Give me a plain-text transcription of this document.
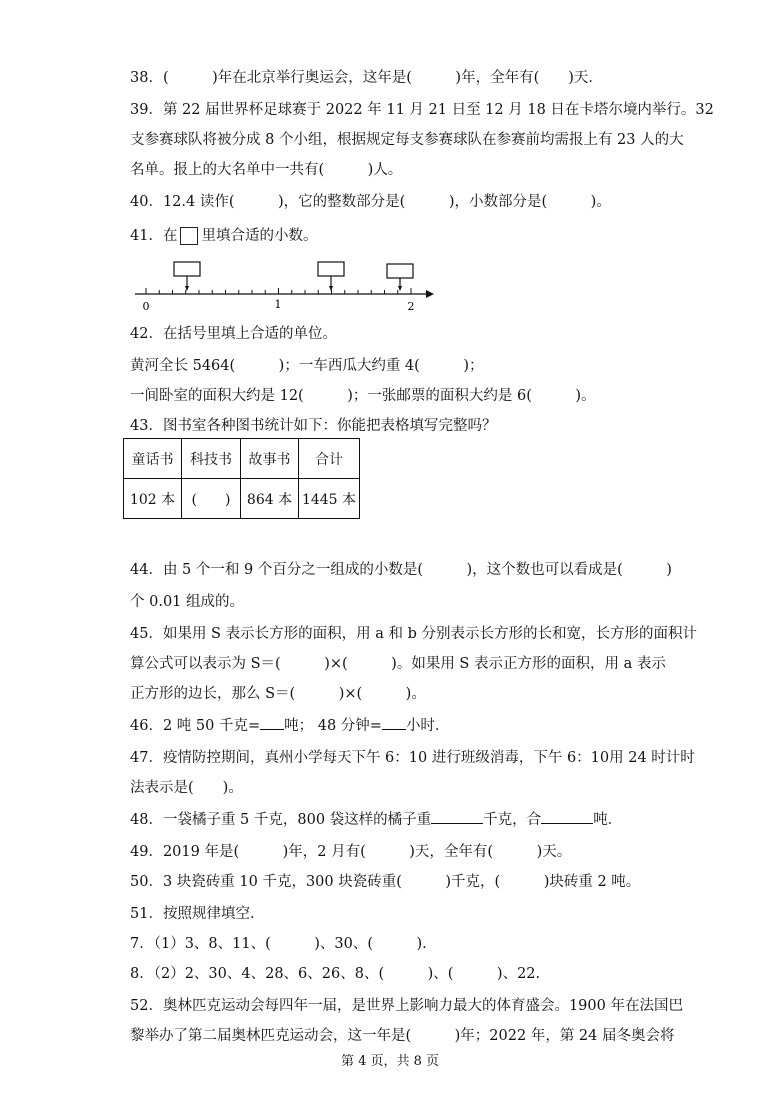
38．(　　　)年在北京举行奥运会，这年是(　　　)年，全年有(　　)天．
39．第 22 届世界杯足球赛于 2022 年 11 月 21 日至 12 月 18 日在卡塔尔境内举行。32
支参赛球队将被分成 8 个小组，根据规定每支参赛球队在参赛前均需报上有 23 人的大
名单。报上的大名单中一共有(　　　)人。
40．12.4 读作(　　　)，它的整数部分是(　　　)，小数部分是(　　　)。
41．在 里填合适的小数。
0	1	2
42．在括号里填上合适的单位。
黄河全长 5464(　　　)；一车西瓜大约重 4(　　　)；
一间卧室的面积大约是 12(　　　)；一张邮票的面积大约是 6(　　　)。
43．图书室各种图书统计如下：你能把表格填写完整吗？
童话书	科技书	故事书	合计
102 本	(　　)	864 本	1445 本
44．由 5 个一和 9 个百分之一组成的小数是(　　　)，这个数也可以看成是(　　　)
个 0.01 组成的。
45．如果用 S 表示长方形的面积，用 a 和 b 分别表示长方形的长和宽，长方形的面积计
算公式可以表示为 S＝(　　　)×(　　　)。如果用 S 表示正方形的面积，用 a 表示
正方形的边长，那么 S＝(　　　)×(　　　)。
46．2 吨 50 千克= 吨； 48 分钟= 小时．
47．疫情防控期间，真州小学每天下午 6：10 进行班级消毒，下午 6：10用 24 时计时
法表示是(　　)。
48．一袋橘子重 5 千克，800 袋这样的橘子重	千克，合	吨．
49．2019 年是(　　　)年，2 月有(　　　)天，全年有(　　　)天。
50．3 块瓷砖重 10 千克，300 块瓷砖重(　　　)千克，(　　　)块砖重 2 吨。
51．按照规律填空．
7．（1）3、8、11、(　　　)、30、(　　　).
8．（2）2、30、4、28、6、26、8、(　　　)、(　　　)、22.
52．奥林匹克运动会每四年一届，是世界上影响力最大的体育盛会。1900 年在法国巴
黎举办了第二届奥林匹克运动会，这一年是(　　　)年；2022 年，第 24 届冬奥会将
第 4 页，共 8 页
